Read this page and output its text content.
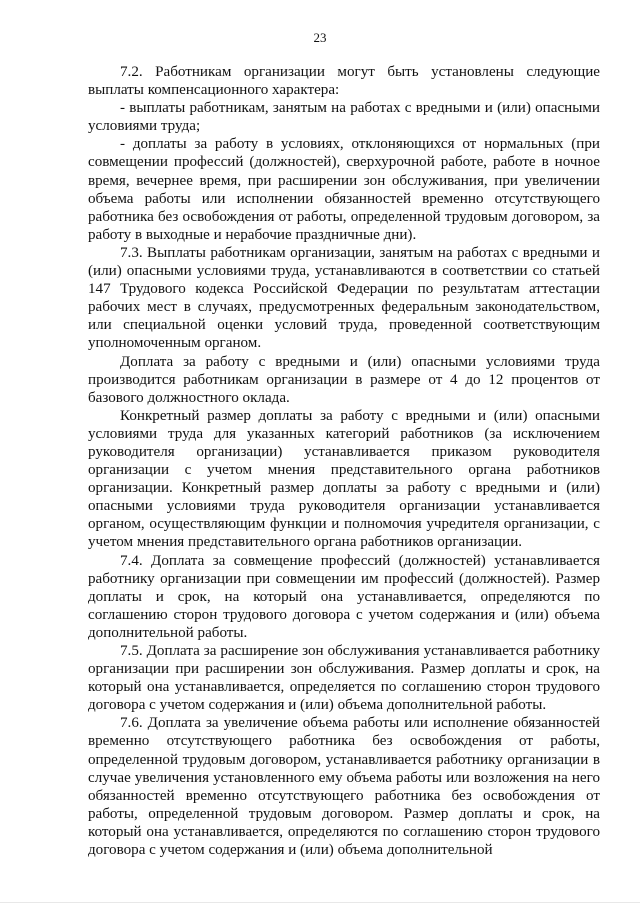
23

7.2. Работникам организации могут быть установлены следующие выплаты компенсационного характера:

- выплаты работникам, занятым на работах с вредными и (или) опасными условиями труда;

- доплаты за работу в условиях, отклоняющихся от нормальных (при совмещении профессий (должностей), сверхурочной работе, работе в ночное время, вечернее время, при расширении зон обслуживания, при увеличении объема работы или исполнении обязанностей временно отсутствующего работника без освобождения от работы, определенной трудовым договором, за работу в выходные и нерабочие праздничные дни).

7.3. Выплаты работникам организации, занятым на работах с вредными и (или) опасными условиями труда, устанавливаются в соответствии со статьей 147 Трудового кодекса Российской Федерации по результатам аттестации рабочих мест в случаях, предусмотренных федеральным законодательством, или специальной оценки условий труда, проведенной соответствующим уполномоченным органом.

Доплата за работу с вредными и (или) опасными условиями труда производится работникам организации в размере от 4 до 12 процентов от базового должностного оклада.

Конкретный размер доплаты за работу с вредными и (или) опасными условиями труда для указанных категорий работников (за исключением руководителя организации) устанавливается приказом руководителя организации с учетом мнения представительного органа работников организации. Конкретный размер доплаты за работу с вредными и (или) опасными условиями труда руководителя организации устанавливается органом, осуществляющим функции и полномочия учредителя организации, с учетом мнения представительного органа работников организации.

7.4. Доплата за совмещение профессий (должностей) устанавливается работнику организации при совмещении им профессий (должностей). Размер доплаты и срок, на который она устанавливается, определяются по соглашению сторон трудового договора с учетом содержания и (или) объема дополнительной работы.

7.5. Доплата за расширение зон обслуживания устанавливается работнику организации при расширении зон обслуживания. Размер доплаты и срок, на который она устанавливается, определяется по соглашению сторон трудового договора с учетом содержания и (или) объема дополнительной работы.

7.6. Доплата за увеличение объема работы или исполнение обязанностей временно отсутствующего работника без освобождения от работы, определенной трудовым договором, устанавливается работнику организации в случае увеличения установленного ему объема работы или возложения на него обязанностей временно отсутствующего работника без освобождения от работы, определенной трудовым договором. Размер доплаты и срок, на который она устанавливается, определяются по соглашению сторон трудового договора с учетом содержания и (или) объема дополнительной
